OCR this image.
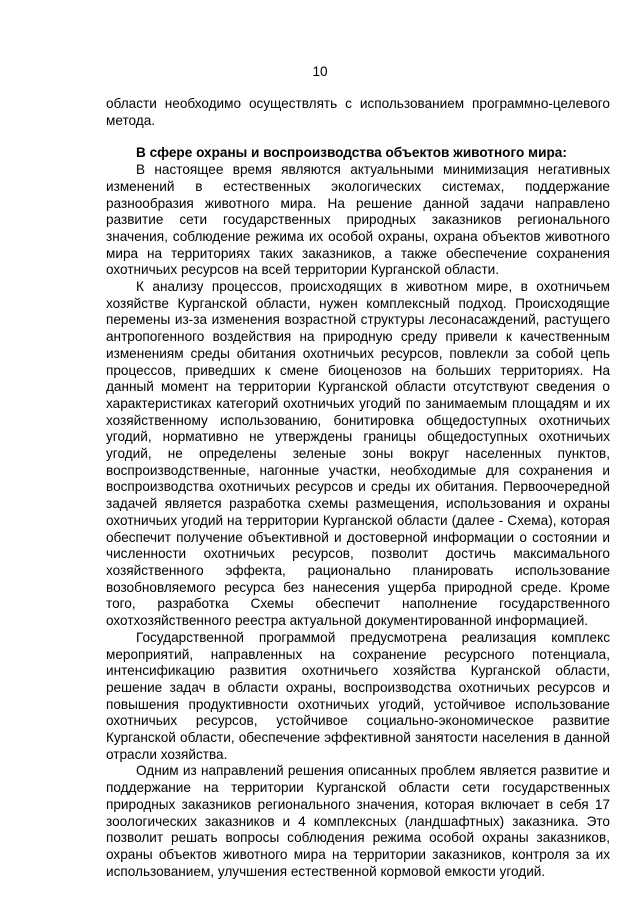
10

области необходимо осуществлять с использованием программно-целевого метода.

В сфере охраны и воспроизводства объектов животного мира:

В настоящее время являются актуальными минимизация негативных изменений в естественных экологических системах, поддержание разнообразия животного мира. На решение данной задачи направлено развитие сети государственных природных заказников регионального значения, соблюдение режима их особой охраны, охрана объектов животного мира на территориях таких заказников, а также обеспечение сохранения охотничьих ресурсов на всей территории Курганской области.

К анализу процессов, происходящих в животном мире, в охотничьем хозяйстве Курганской области, нужен комплексный подход. Происходящие перемены из-за изменения возрастной структуры лесонасаждений, растущего антропогенного воздействия на природную среду привели к качественным изменениям среды обитания охотничьих ресурсов, повлекли за собой цепь процессов, приведших к смене биоценозов на больших территориях. На данный момент на территории Курганской области отсутствуют сведения о характеристиках категорий охотничьих угодий по занимаемым площадям и их хозяйственному использованию, бонитировка общедоступных охотничьих угодий, нормативно не утверждены границы общедоступных охотничьих угодий, не определены зеленые зоны вокруг населенных пунктов, воспроизводственные, нагонные участки, необходимые для сохранения и воспроизводства охотничьих ресурсов и среды их обитания. Первоочередной задачей является разработка схемы размещения, использования и охраны охотничьих угодий на территории Курганской области (далее - Схема), которая обеспечит получение объективной и достоверной информации о состоянии и численности охотничьих ресурсов, позволит достичь максимального хозяйственного эффекта, рационально планировать использование возобновляемого ресурса без нанесения ущерба природной среде. Кроме того, разработка Схемы обеспечит наполнение государственного охотхозяйственного реестра актуальной документированной информацией.

Государственной программой предусмотрена реализация комплекс мероприятий, направленных на сохранение ресурсного потенциала, интенсификацию развития охотничьего хозяйства Курганской области, решение задач в области охраны, воспроизводства охотничьих ресурсов и повышения продуктивности охотничьих угодий, устойчивое использование охотничьих ресурсов, устойчивое социально-экономическое развитие Курганской области, обеспечение эффективной занятости населения в данной отрасли хозяйства.

Одним из направлений решения описанных проблем является развитие и поддержание на территории Курганской области сети государственных природных заказников регионального значения, которая включает в себя 17 зоологических заказников и 4 комплексных (ландшафтных) заказника. Это позволит решать вопросы соблюдения режима особой охраны заказников, охраны объектов животного мира на территории заказников, контроля за их использованием, улучшения естественной кормовой емкости угодий.
